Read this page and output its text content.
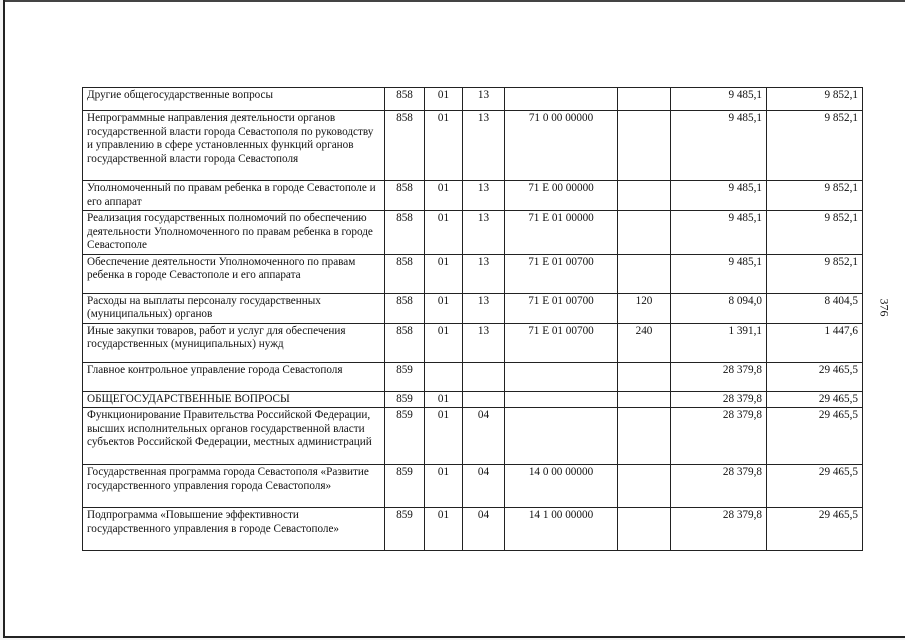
376
Другие общегосударственные вопросы	858	01	13			9 485,1	9 852,1
Непрограммные направления деятельности органов государственной власти города Севастополя по руководству и управлению в сфере установленных функций органов государственной власти города Севастополя	858	01	13	71 0 00 00000		9 485,1	9 852,1
Уполномоченный по правам ребенка в городе Севастополе и его аппарат	858	01	13	71 Е 00 00000		9 485,1	9 852,1
Реализация государственных полномочий по обеспечению деятельности Уполномоченного по правам ребенка в городе Севастополе	858	01	13	71 Е 01 00000		9 485,1	9 852,1
Обеспечение деятельности Уполномоченного по правам ребенка в городе Севастополе и его аппарата	858	01	13	71 Е 01 00700		9 485,1	9 852,1
Расходы на выплаты персоналу государственных (муниципальных) органов	858	01	13	71 Е 01 00700	120	8 094,0	8 404,5
Иные закупки товаров, работ и услуг для обеспечения государственных (муниципальных) нужд	858	01	13	71 Е 01 00700	240	1 391,1	1 447,6
Главное контрольное управление города Севастополя	859					28 379,8	29 465,5
ОБЩЕГОСУДАРСТВЕННЫЕ ВОПРОСЫ	859	01				28 379,8	29 465,5
Функционирование Правительства Российской Федерации, высших исполнительных органов государственной власти субъектов Российской Федерации, местных администраций	859	01	04			28 379,8	29 465,5
Государственная программа города Севастополя «Развитие государственного управления города Севастополя»	859	01	04	14 0 00 00000		28 379,8	29 465,5
Подпрограмма «Повышение эффективности государственного управления в городе Севастополе»	859	01	04	14 1 00 00000		28 379,8	29 465,5
